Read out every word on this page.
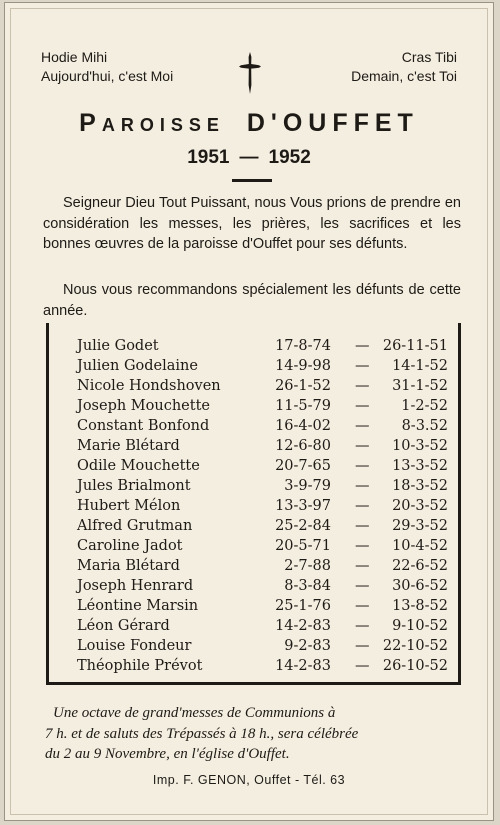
Hodie Mihi
Aujourd'hui, c'est Moi
Cras Tibi
Demain, c'est Toi
Paroisse D'OUFFET
1951 — 1952

Seigneur Dieu Tout Puissant, nous Vous prions de prendre en considération les messes, les prières, les sacrifices et les bonnes œuvres de la paroisse d'Ouffet pour ses défunts.

Nous vous recommandons spécialement les défunts de cette année.

Julie Godet	17-8-74 — 26-11-51
Julien Godelaine	14-9-98 — 14-1-52
Nicole Hondshoven	26-1-52 — 31-1-52
Joseph Mouchette	11-5-79 — 1-2-52
Constant Bonfond	16-4-02 — 8-3.52
Marie Blétard	12-6-80 — 10-3-52
Odile Mouchette	20-7-65 — 13-3-52
Jules Brialmont	3-9-79 — 18-3-52
Hubert Mélon	13-3-97 — 20-3-52
Alfred Grutman	25-2-84 — 29-3-52
Caroline Jadot	20-5-71 — 10-4-52
Maria Blétard	2-7-88 — 22-6-52
Joseph Henrard	8-3-84 — 30-6-52
Léontine Marsin	25-1-76 — 13-8-52
Léon Gérard	14-2-83 — 9-10-52
Louise Fondeur	9-2-83 — 22-10-52
Théophile Prévot	14-2-83 — 26-10-52

Une octave de grand'messes de Communions à
7 h. et de saluts des Trépassés à 18 h., sera célébrée
du 2 au 9 Novembre, en l'église d'Ouffet.

Imp. F. GENON, Ouffet - Tél. 63
